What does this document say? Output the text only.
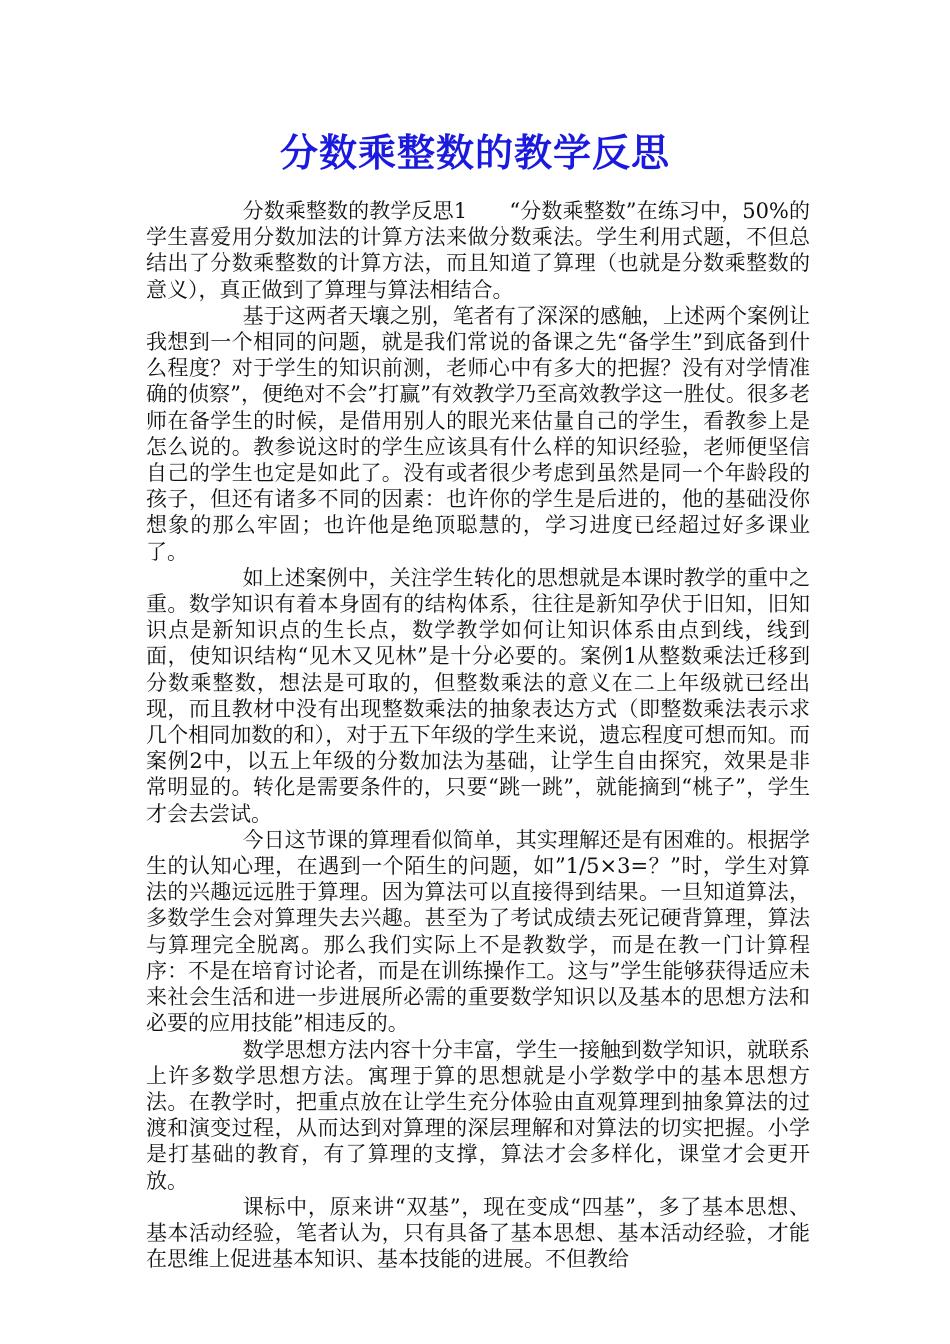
分数乘整数的教学反思

分数乘整数的教学反思1　　“分数乘整数”在练习中，50%的学生喜爱用分数加法的计算方法来做分数乘法。学生利用式题，不但总结出了分数乘整数的计算方法，而且知道了算理（也就是分数乘整数的意义），真正做到了算理与算法相结合。

基于这两者天壤之别，笔者有了深深的感触，上述两个案例让我想到一个相同的问题，就是我们常说的备课之先“备学生”到底备到什么程度？对于学生的知识前测，老师心中有多大的把握？没有对学情准确的侦察”，便绝对不会”打赢”有效教学乃至高效教学这一胜仗。很多老师在备学生的时候，是借用别人的眼光来估量自己的学生，看教参上是怎么说的。教参说这时的学生应该具有什么样的知识经验，老师便坚信自己的学生也定是如此了。没有或者很少考虑到虽然是同一个年龄段的孩子，但还有诸多不同的因素：也许你的学生是后进的，他的基础没你想象的那么牢固；也许他是绝顶聪慧的，学习进度已经超过好多课业了。

如上述案例中，关注学生转化的思想就是本课时教学的重中之重。数学知识有着本身固有的结构体系，往往是新知孕伏于旧知，旧知识点是新知识点的生长点，数学教学如何让知识体系由点到线，线到面，使知识结构“见木又见林”是十分必要的。案例1从整数乘法迁移到分数乘整数，想法是可取的，但整数乘法的意义在二上年级就已经出现，而且教材中没有出现整数乘法的抽象表达方式（即整数乘法表示求几个相同加数的和），对于五下年级的学生来说，遗忘程度可想而知。而案例2中，以五上年级的分数加法为基础，让学生自由探究，效果是非常明显的。转化是需要条件的，只要“跳一跳”，就能摘到“桃子”，学生才会去尝试。

今日这节课的算理看似简单，其实理解还是有困难的。根据学生的认知心理，在遇到一个陌生的问题，如”1/5×3=？”时，学生对算法的兴趣远远胜于算理。因为算法可以直接得到结果。一旦知道算法，多数学生会对算理失去兴趣。甚至为了考试成绩去死记硬背算理，算法与算理完全脱离。那么我们实际上不是教数学，而是在教一门计算程序：不是在培育讨论者，而是在训练操作工。这与”学生能够获得适应未来社会生活和进一步进展所必需的重要数学知识以及基本的思想方法和必要的应用技能”相违反的。

数学思想方法内容十分丰富，学生一接触到数学知识，就联系上许多数学思想方法。寓理于算的思想就是小学数学中的基本思想方法。在教学时，把重点放在让学生充分体验由直观算理到抽象算法的过渡和演变过程，从而达到对算理的深层理解和对算法的切实把握。小学是打基础的教育，有了算理的支撑，算法才会多样化，课堂才会更开放。

课标中，原来讲“双基”，现在变成“四基”，多了基本思想、基本活动经验，笔者认为，只有具备了基本思想、基本活动经验，才能在思维上促进基本知识、基本技能的进展。不但教给
